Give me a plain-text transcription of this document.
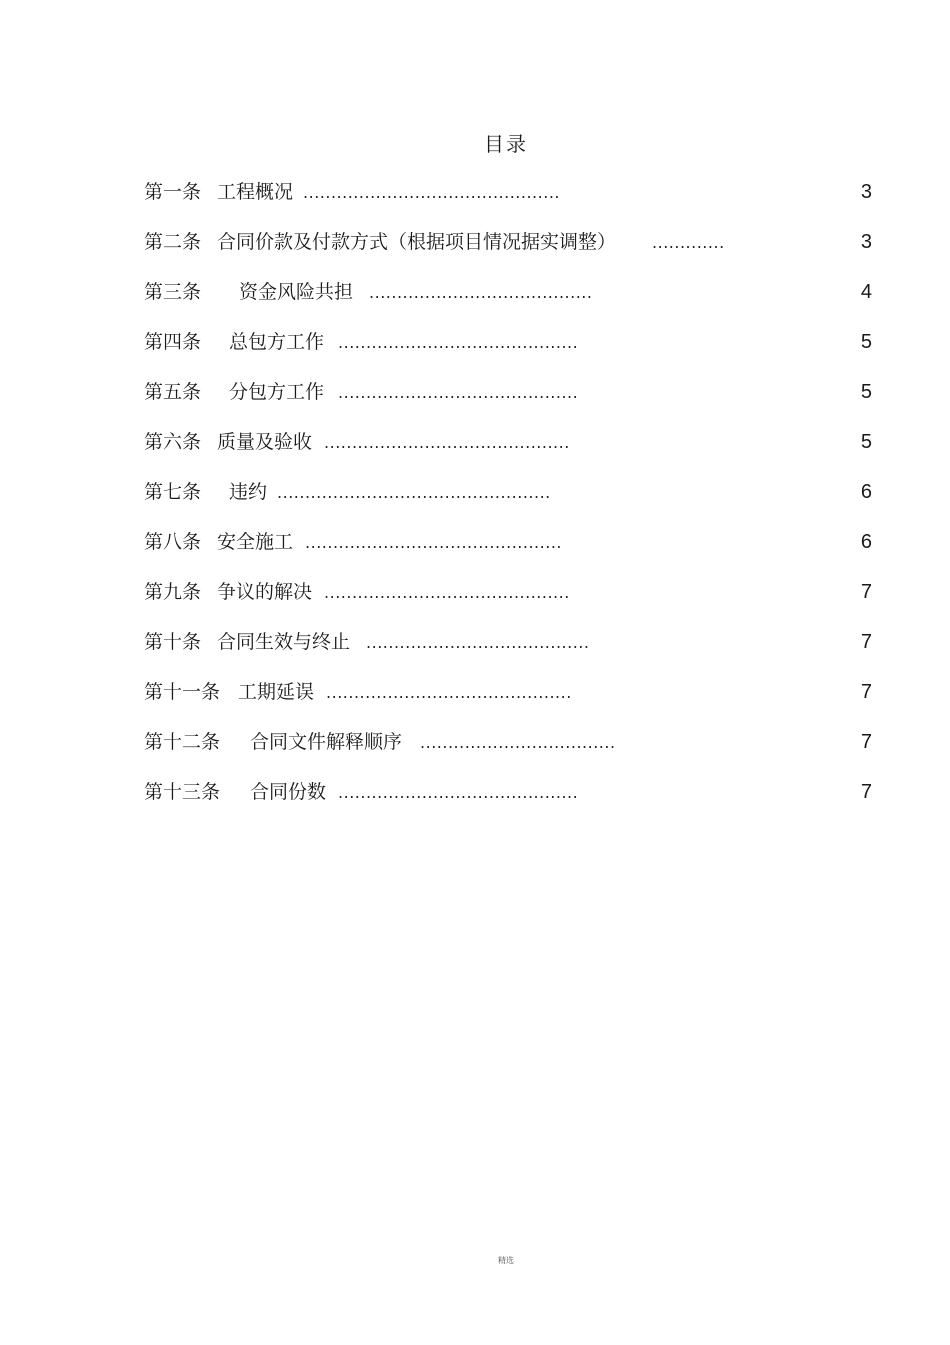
目录
第一条 工程概况 ..............................................	3
第二条 合同价款及付款方式（根据项目情况据实调整） .............	3
第三条 资金风险共担 ........................................	4
第四条 总包方工作 ...........................................	5
第五条 分包方工作 ...........................................	5
第六条 质量及验收 ............................................	5
第七条 违约 .................................................	6
第八条 安全施工 ..............................................	6
第九条 争议的解决 ............................................	7
第十条 合同生效与终止 ........................................	7
第十一条 工期延误 ............................................	7
第十二条 合同文件解释顺序 ...................................	7
第十三条 合同份数 ...........................................	7
精选
